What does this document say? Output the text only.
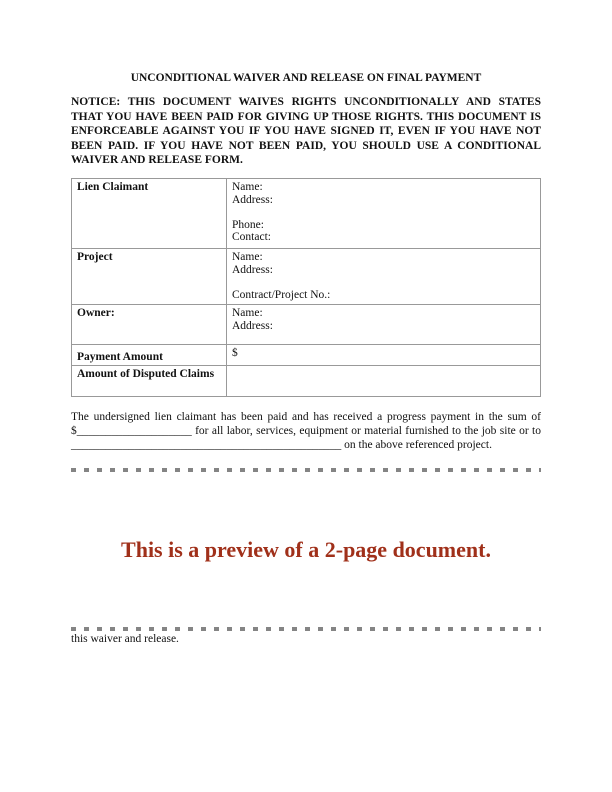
UNCONDITIONAL WAIVER AND RELEASE ON FINAL PAYMENT
NOTICE: THIS DOCUMENT WAIVES RIGHTS UNCONDITIONALLY AND STATES THAT YOU HAVE BEEN PAID FOR GIVING UP THOSE RIGHTS. THIS DOCUMENT IS ENFORCEABLE AGAINST YOU IF YOU HAVE SIGNED IT, EVEN IF YOU HAVE NOT BEEN PAID. IF YOU HAVE NOT BEEN PAID, YOU SHOULD USE A CONDITIONAL WAIVER AND RELEASE FORM.
Lien Claimant	Name:
Address:
Phone:
Contact:

Project	Name:
Address:
Contract/Project No.:

Owner:	Name:
Address:

Payment Amount	$
Amount of Disputed Claims	
The undersigned lien claimant has been paid and has received a progress payment in the sum of $____________________ for all labor, services, equipment or material furnished to the job site or to _______________________________________________ on the above referenced project.
This is a preview of a 2-page document.
this waiver and release.
